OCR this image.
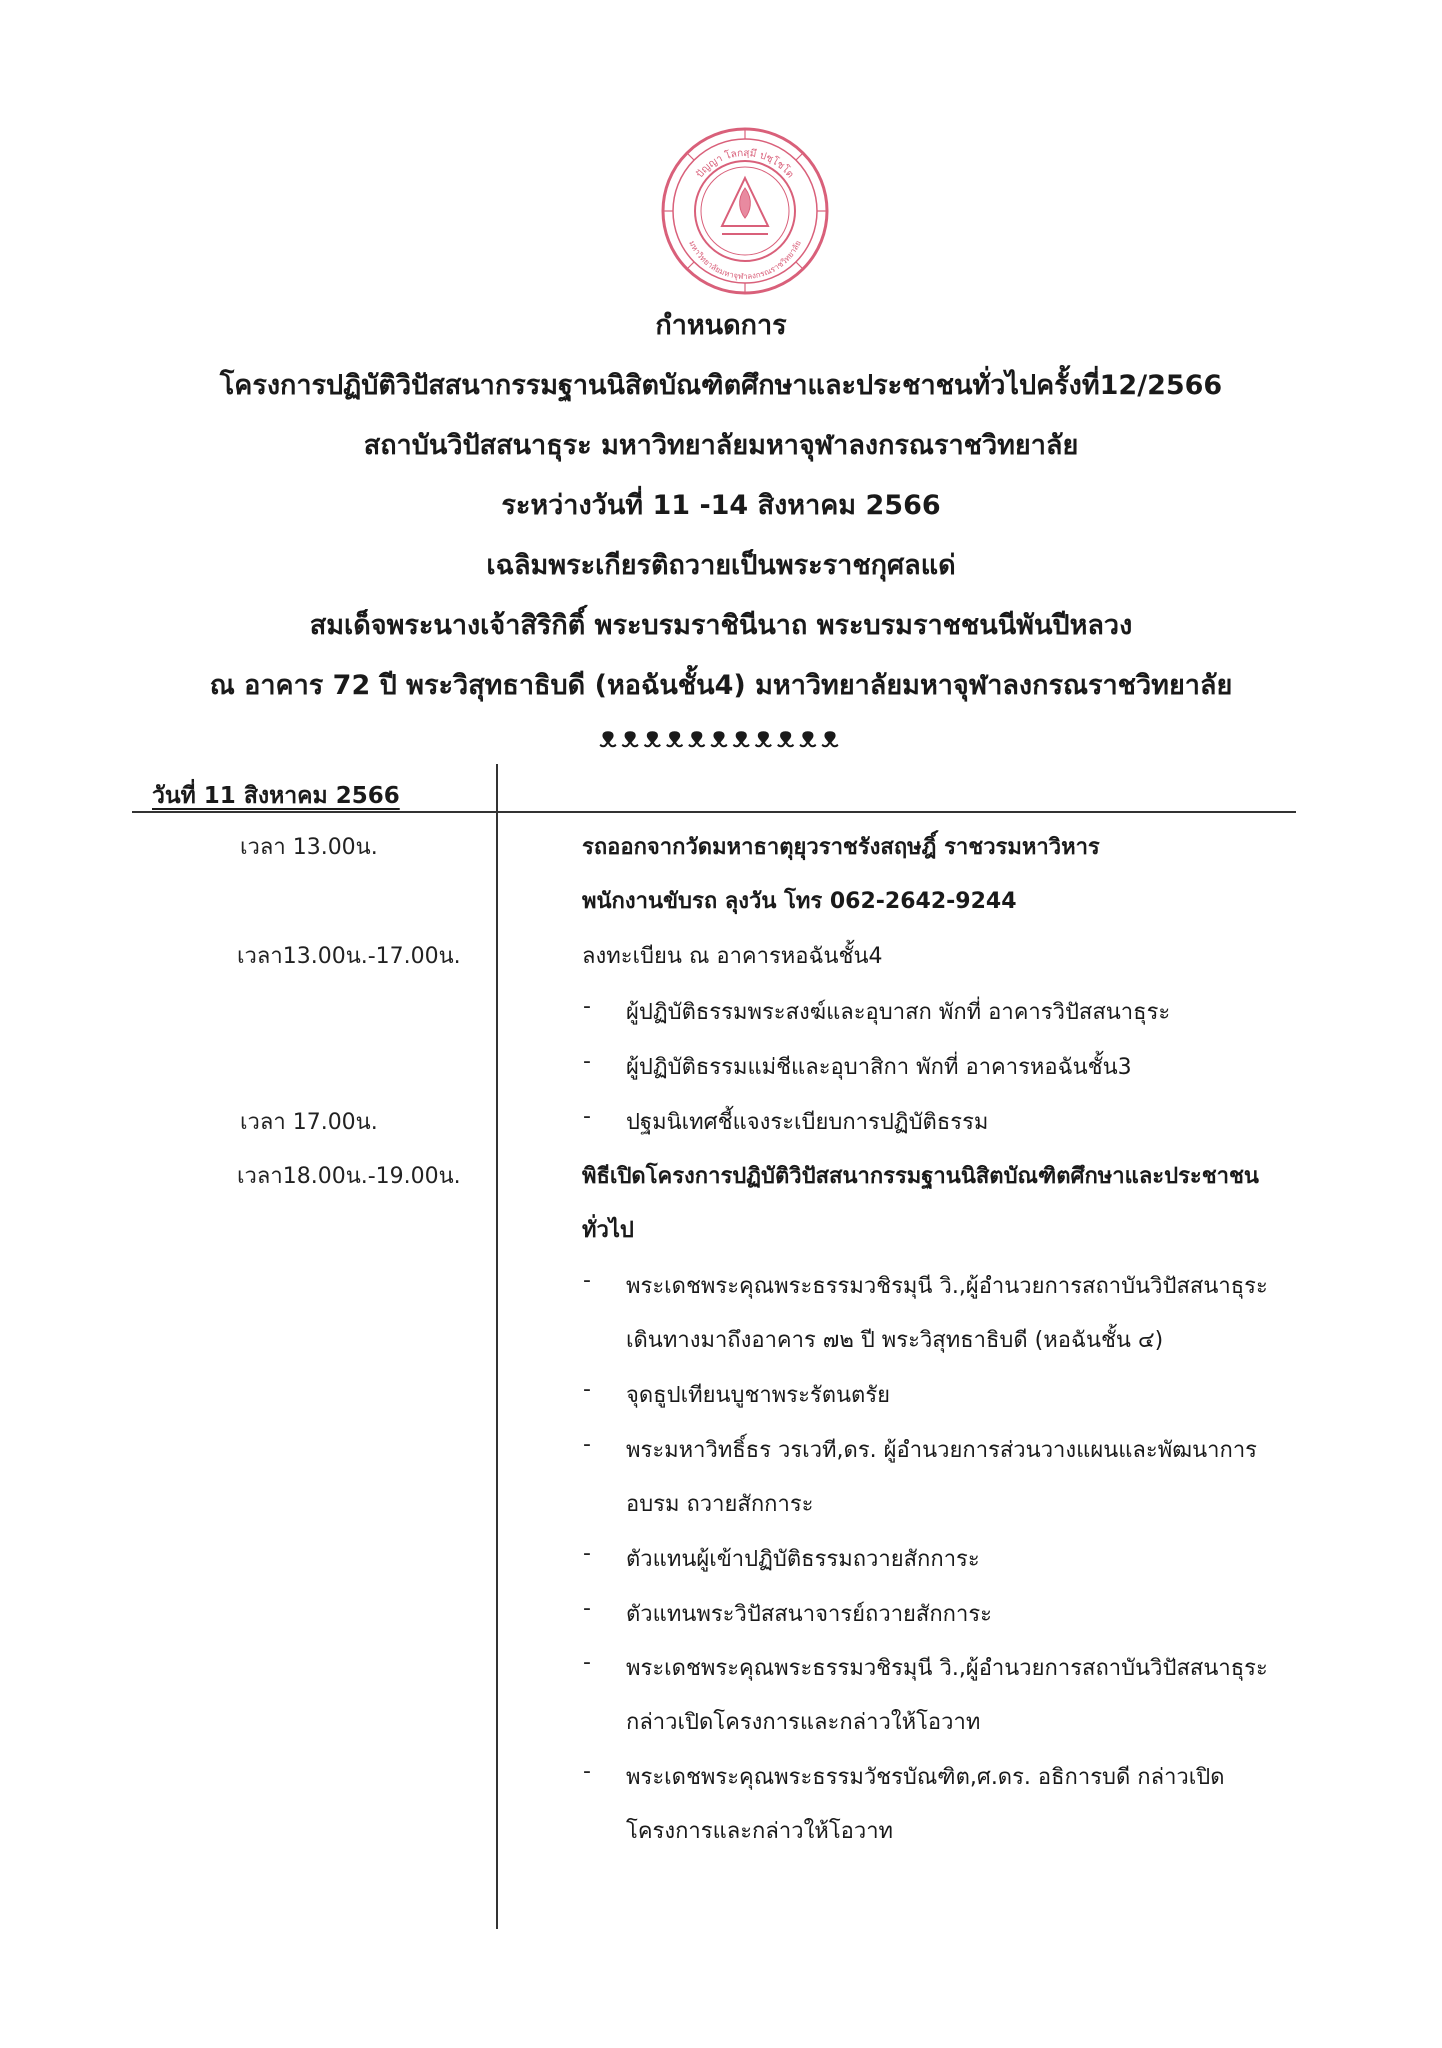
ปัญญา โลกสฺมึ ปชฺโชโต
มหาวิทยาลัยมหาจุฬาลงกรณราชวิทยาลัย
กำหนดการ
โครงการปฏิบัติวิปัสสนากรรมฐานนิสิตบัณฑิตศึกษาและประชาชนทั่วไปครั้งที่12/2566
สถาบันวิปัสสนาธุระ มหาวิทยาลัยมหาจุฬาลงกรณราชวิทยาลัย
ระหว่างวันที่ 11 -14 สิงหาคม 2566
เฉลิมพระเกียรติถวายเป็นพระราชกุศลแด่
สมเด็จพระนางเจ้าสิริกิติ์ พระบรมราชินีนาถ พระบรมราชชนนีพันปีหลวง
ณ อาคาร 72 ปี พระวิสุทธาธิบดี (หอฉันชั้น4) มหาวิทยาลัยมหาจุฬาลงกรณราชวิทยาลัย
ᴥᴥᴥᴥᴥᴥᴥᴥᴥᴥᴥ
วันที่ 11 สิงหาคม 2566
เวลา 13.00น.
เวลา13.00น.-17.00น.
เวลา 17.00น.
เวลา18.00น.-19.00น.
รถออกจากวัดมหาธาตุยุวราชรังสฤษฎิ์ ราชวรมหาวิหาร
พนักงานขับรถ ลุงวัน โทร 062-2642-9244
ลงทะเบียน ณ อาคารหอฉันชั้น4
- ผู้ปฏิบัติธรรมพระสงฆ์และอุบาสก พักที่ อาคารวิปัสสนาธุระ
- ผู้ปฏิบัติธรรมแม่ชีและอุบาสิกา พักที่ อาคารหอฉันชั้น3
- ปฐมนิเทศชี้แจงระเบียบการปฏิบัติธรรม
พิธีเปิดโครงการปฏิบัติวิปัสสนากรรมฐานนิสิตบัณฑิตศึกษาและประชาชน
ทั่วไป
- พระเดชพระคุณพระธรรมวชิรมุนี วิ.,ผู้อำนวยการสถาบันวิปัสสนาธุระ
เดินทางมาถึงอาคาร ๗๒ ปี พระวิสุทธาธิบดี (หอฉันชั้น ๔)
- จุดธูปเทียนบูชาพระรัตนตรัย
- พระมหาวิทธิ์ธร วรเวที,ดร. ผู้อำนวยการส่วนวางแผนและพัฒนาการ
อบรม ถวายสักการะ
- ตัวแทนผู้เข้าปฏิบัติธรรมถวายสักการะ
- ตัวแทนพระวิปัสสนาจารย์ถวายสักการะ
- พระเดชพระคุณพระธรรมวชิรมุนี วิ.,ผู้อำนวยการสถาบันวิปัสสนาธุระ
กล่าวเปิดโครงการและกล่าวให้โอวาท
- พระเดชพระคุณพระธรรมวัชรบัณฑิต,ศ.ดร. อธิการบดี กล่าวเปิด
โครงการและกล่าวให้โอวาท
